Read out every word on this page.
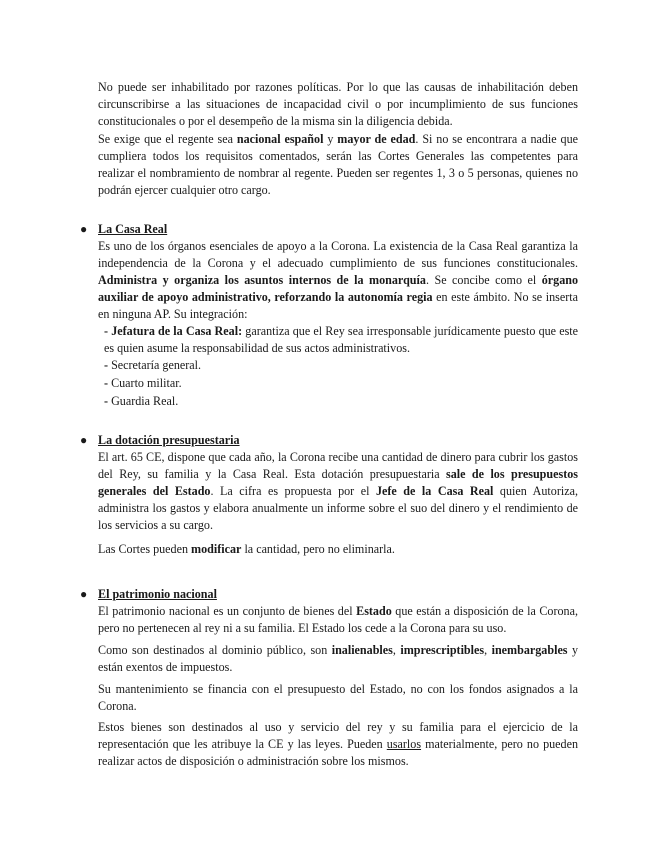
No puede ser inhabilitado por razones políticas. Por lo que las causas de inhabilitación deben circunscribirse a las situaciones de incapacidad civil o por incumplimiento de sus funciones constitucionales o por el desempeño de la misma sin la diligencia debida.

Se exige que el regente sea nacional español y mayor de edad. Si no se encontrara a nadie que cumpliera todos los requisitos comentados, serán las Cortes Generales las competentes para realizar el nombramiento de nombrar al regente. Pueden ser regentes 1, 3 o 5 personas, quienes no podrán ejercer cualquier otro cargo.

● La Casa Real

Es uno de los órganos esenciales de apoyo a la Corona. La existencia de la Casa Real garantiza la independencia de la Corona y el adecuado cumplimiento de sus funciones constitucionales. Administra y organiza los asuntos internos de la monarquía. Se concibe como el órgano auxiliar de apoyo administrativo, reforzando la autonomía regia en este ámbito. No se inserta en ninguna AP. Su integración:

- Jefatura de la Casa Real: garantiza que el Rey sea irresponsable jurídicamente puesto que este es quien asume la responsabilidad de sus actos administrativos.
- Secretaría general.
- Cuarto militar.
- Guardia Real.
● La dotación presupuestaria

El art. 65 CE, dispone que cada año, la Corona recibe una cantidad de dinero para cubrir los gastos del Rey, su familia y la Casa Real. Esta dotación presupuestaria sale de los presupuestos generales del Estado. La cifra es propuesta por el Jefe de la Casa Real quien Autoriza, administra los gastos y elabora anualmente un informe sobre el suo del dinero y el rendimiento de los servicios a su cargo.

Las Cortes pueden modificar la cantidad, pero no eliminarla.

● El patrimonio nacional

El patrimonio nacional es un conjunto de bienes del Estado que están a disposición de la Corona, pero no pertenecen al rey ni a su familia. El Estado los cede a la Corona para su uso.

Como son destinados al dominio público, son inalienables, imprescriptibles, inembargables y están exentos de impuestos.

Su mantenimiento se financia con el presupuesto del Estado, no con los fondos asignados a la Corona.

Estos bienes son destinados al uso y servicio del rey y su familia para el ejercicio de la representación que les atribuye la CE y las leyes. Pueden usarlos materialmente, pero no pueden realizar actos de disposición o administración sobre los mismos.
